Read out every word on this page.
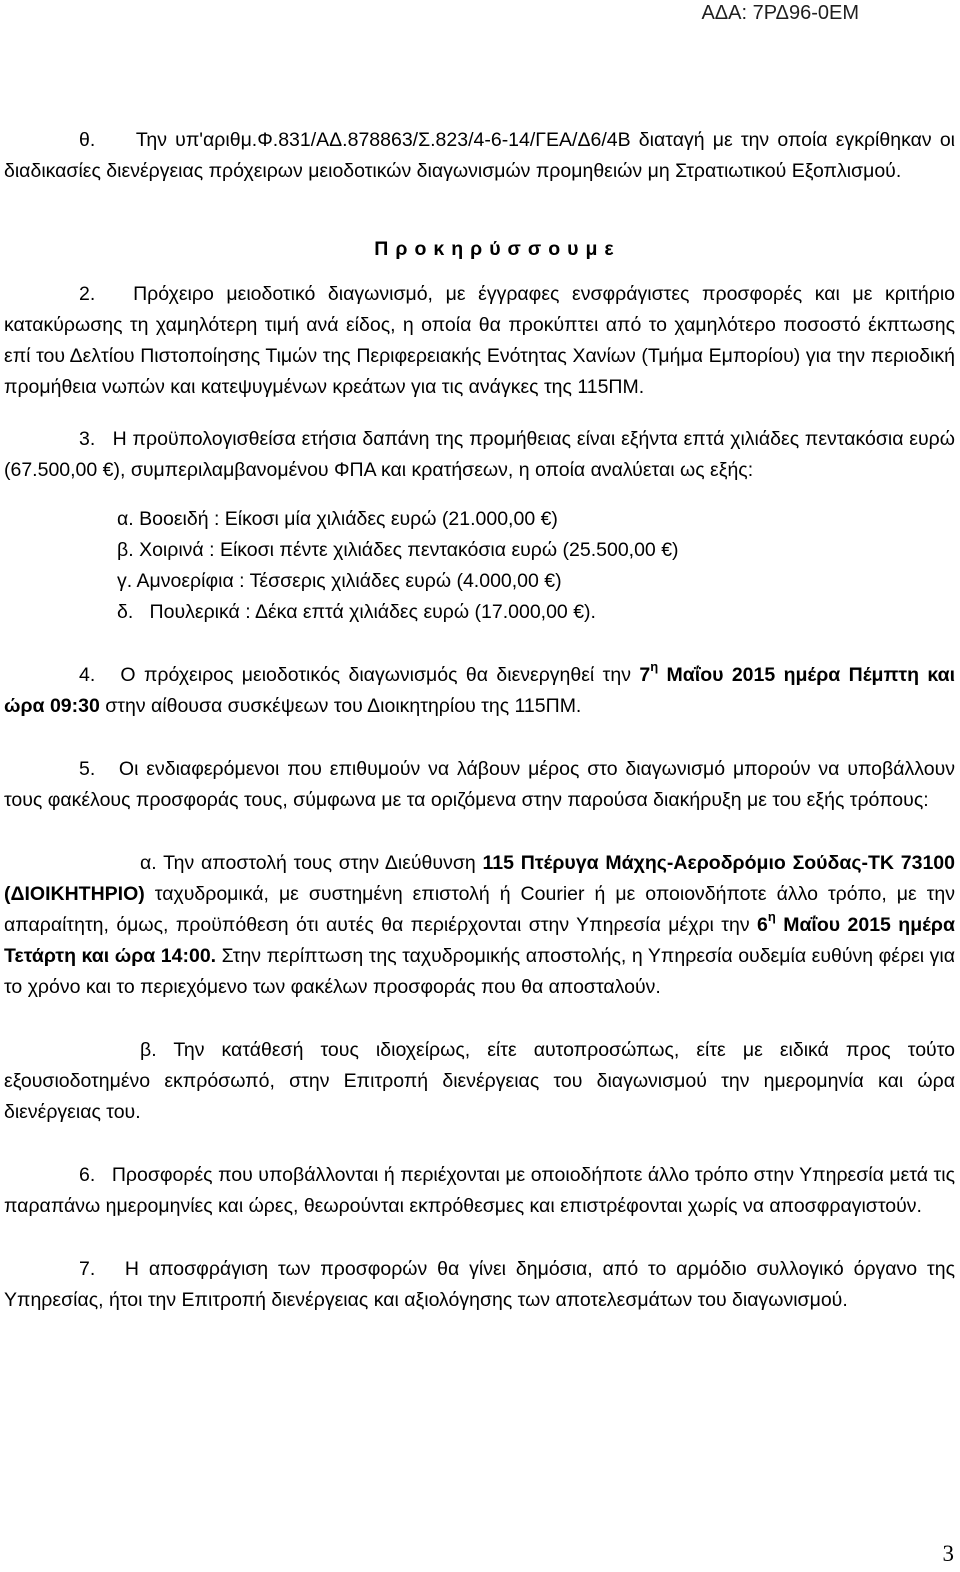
ΑΔΑ: 7ΡΔ96-0ΕΜ

θ. Την υπ'αριθμ.Φ.831/ΑΔ.878863/Σ.823/4-6-14/ΓΕΑ/Δ6/4Β διαταγή με την οποία εγκρίθηκαν οι διαδικασίες διενέργειας πρόχειρων μειοδοτικών διαγωνισμών προμηθειών μη Στρατιωτικού Εξοπλισμού.

Προκηρύσσουμε

2. Πρόχειρο μειοδοτικό διαγωνισμό, με έγγραφες ενσφράγιστες προσφορές και με κριτήριο κατακύρωσης τη χαμηλότερη τιμή ανά είδος, η οποία θα προκύπτει από το χαμηλότερο ποσοστό έκπτωσης επί του Δελτίου Πιστοποίησης Τιμών της Περιφερειακής Ενότητας Χανίων (Τμήμα Εμπορίου) για την περιοδική προμήθεια νωπών και κατεψυγμένων κρεάτων για τις ανάγκες της 115ΠΜ.

3. Η προϋπολογισθείσα ετήσια δαπάνη της προμήθειας είναι εξήντα επτά χιλιάδες πεντακόσια ευρώ (67.500,00 €), συμπεριλαμβανομένου ΦΠΑ και κρατήσεων, η οποία αναλύεται ως εξής:

α. Βοοειδή : Είκοσι μία χιλιάδες ευρώ (21.000,00 €)
β. Χοιρινά : Είκοσι πέντε χιλιάδες πεντακόσια ευρώ (25.500,00 €)
γ. Αμνοερίφια : Τέσσερις χιλιάδες ευρώ (4.000,00 €)
δ. Πουλερικά : Δέκα επτά χιλιάδες ευρώ (17.000,00 €).

4. Ο πρόχειρος μειοδοτικός διαγωνισμός θα διενεργηθεί την $7^\eta$ Μαΐου 2015 ημέρα Πέμπτη και ώρα 09:30 στην αίθουσα συσκέψεων του Διοικητηρίου της 115ΠΜ.

5. Οι ενδιαφερόμενοι που επιθυμούν να λάβουν μέρος στο διαγωνισμό μπορούν να υποβάλλουν τους φακέλους προσφοράς τους, σύμφωνα με τα οριζόμενα στην παρούσα διακήρυξη με του εξής τρόπους:

α. Την αποστολή τους στην Διεύθυνση 115 Πτέρυγα Μάχης-Αεροδρόμιο Σούδας-ΤΚ 73100 (ΔΙΟΙΚΗΤΗΡΙΟ) ταχυδρομικά, με συστημένη επιστολή ή Courier ή με οποιονδήποτε άλλο τρόπο, με την απαραίτητη, όμως, προϋπόθεση ότι αυτές θα περιέρχονται στην Υπηρεσία μέχρι την $6^\eta$ Μαΐου 2015 ημέρα Τετάρτη και ώρα 14:00. Στην περίπτωση της ταχυδρομικής αποστολής, η Υπηρεσία ουδεμία ευθύνη φέρει για το χρόνο και το περιεχόμενο των φακέλων προσφοράς που θα αποσταλούν.

β. Την κατάθεσή τους ιδιοχείρως, είτε αυτοπροσώπως, είτε με ειδικά προς τούτο εξουσιοδοτημένο εκπρόσωπό, στην Επιτροπή διενέργειας του διαγωνισμού την ημερομηνία και ώρα διενέργειας του.

6. Προσφορές που υποβάλλονται ή περιέχονται με οποιοδήποτε άλλο τρόπο στην Υπηρεσία μετά τις παραπάνω ημερομηνίες και ώρες, θεωρούνται εκπρόθεσμες και επιστρέφονται χωρίς να αποσφραγιστούν.

7. Η αποσφράγιση των προσφορών θα γίνει δημόσια, από το αρμόδιο συλλογικό όργανο της Υπηρεσίας, ήτοι την Επιτροπή διενέργειας και αξιολόγησης των αποτελεσμάτων του διαγωνισμού.

3
